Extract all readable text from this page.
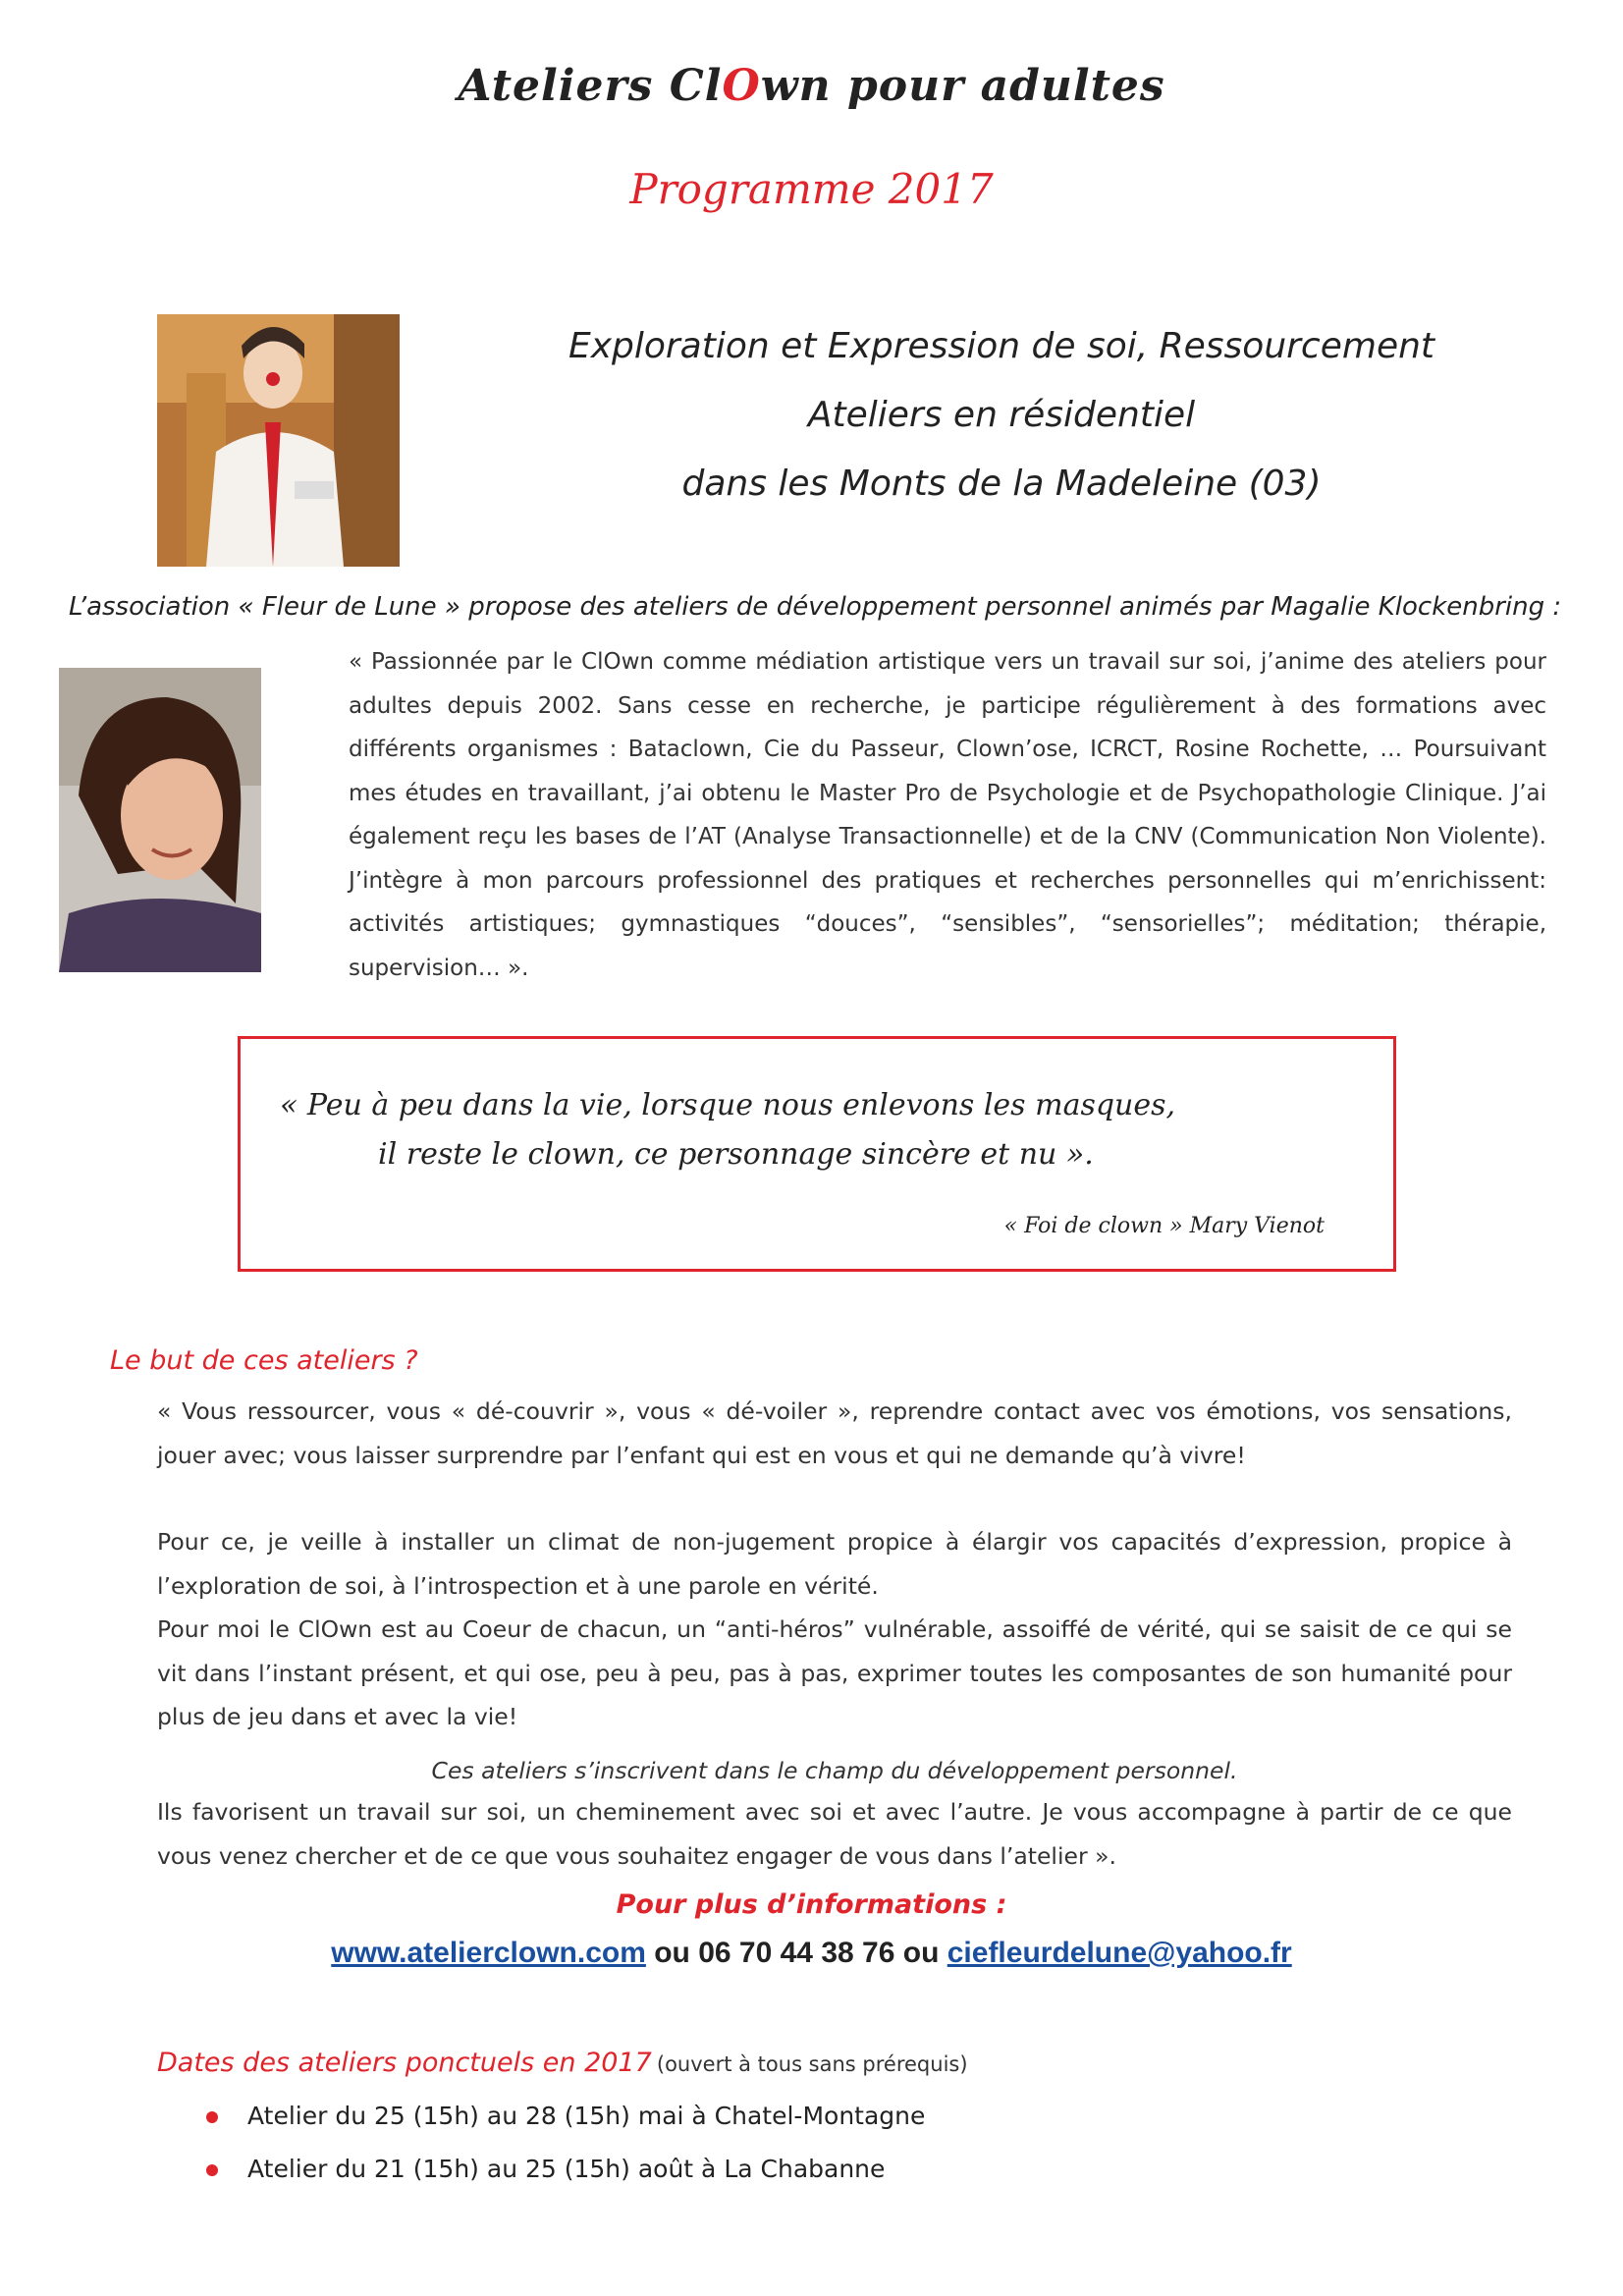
Ateliers ClOwn pour adultes
Programme 2017
Exploration et Expression de soi, Ressourcement
Ateliers en résidentiel
dans les Monts de la Madeleine (03)
L’association « Fleur de Lune » propose des ateliers de développement personnel animés par Magalie Klockenbring :
« Passionnée par le ClOwn comme médiation artistique vers un travail sur soi, j’anime des ateliers pour adultes depuis 2002. Sans cesse en recherche, je participe régulièrement à des formations avec différents organismes : Bataclown, Cie du Passeur, Clown’ose, ICRCT, Rosine Rochette, … Poursuivant mes études en travaillant, j’ai obtenu le Master Pro de Psychologie et de Psychopathologie Clinique. J’ai également reçu les bases de l’AT (Analyse Transactionnelle) et de la CNV (Communication Non Violente). J’intègre à mon parcours professionnel des pratiques et recherches personnelles qui m’enrichissent: activités artistiques; gymnastiques “douces”, “sensibles”, “sensorielles”; méditation; thérapie, supervision… ».
« Peu à peu dans la vie, lorsque nous enlevons les masques,
il reste le clown, ce personnage sincère et nu ».
« Foi de clown » Mary Vienot
Le but de ces ateliers ?
« Vous ressourcer, vous « dé-couvrir », vous « dé-voiler », reprendre contact avec vos émotions, vos sensations, jouer avec; vous laisser surprendre par l’enfant qui est en vous et qui ne demande qu’à vivre!
Pour ce, je veille à installer un climat de non-jugement propice à élargir vos capacités d’expression, propice à l’exploration de soi, à l’introspection et à une parole en vérité.
Pour moi le ClOwn est au Coeur de chacun, un “anti-héros” vulnérable, assoiffé de vérité, qui se saisit de ce qui se vit dans l’instant présent, et qui ose, peu à peu, pas à pas, exprimer toutes les composantes de son humanité pour plus de jeu dans et avec la vie!
Ces ateliers s’inscrivent dans le champ du développement personnel.
Ils favorisent un travail sur soi, un cheminement avec soi et avec l’autre. Je vous accompagne à partir de ce que vous venez chercher et de ce que vous souhaitez engager de vous dans l’atelier ».
Pour plus d’informations :
www.atelierclown.com ou 06 70 44 38 76 ou ciefleurdelune@yahoo.fr
Dates des ateliers ponctuels en 2017 (ouvert à tous sans prérequis)
Atelier du 25 (15h) au 28 (15h) mai à Chatel-Montagne
Atelier du 21 (15h) au 25 (15h) août à La Chabanne
